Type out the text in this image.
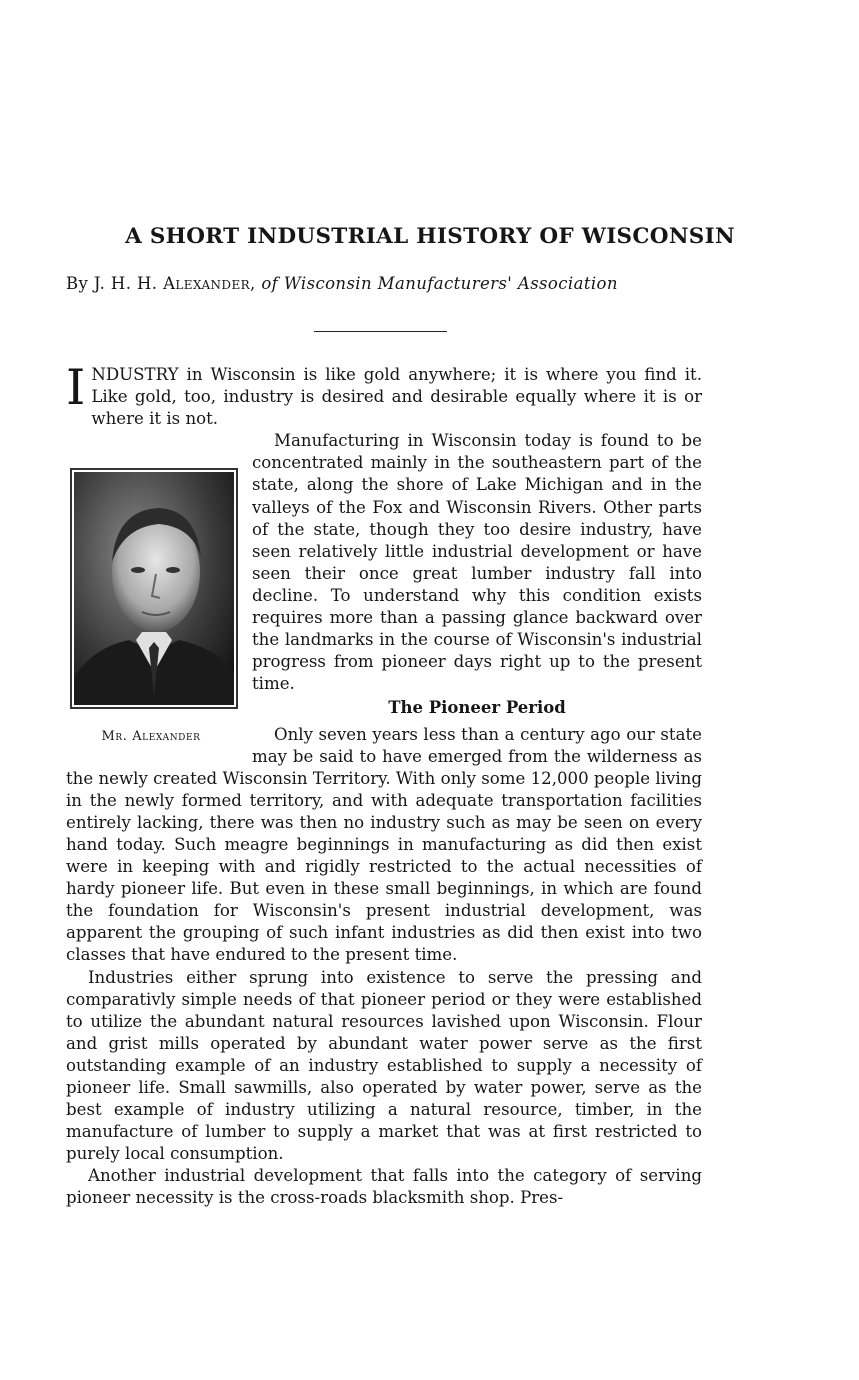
A SHORT INDUSTRIAL HISTORY OF WISCONSIN

By J. H. H. Alexander, of Wisconsin Manufacturers' Association

INDUSTRY in Wisconsin is like gold anywhere; it is where you find it. Like gold, too, industry is desired and desirable equally where it is or where it is not.

Mr. Alexander

Manufacturing in Wisconsin today is found to be concentrated mainly in the southeastern part of the state, along the shore of Lake Michigan and in the valleys of the Fox and Wisconsin Rivers. Other parts of the state, though they too desire industry, have seen relatively little industrial development or have seen their once great lumber industry fall into decline. To understand why this condition exists requires more than a passing glance backward over the landmarks in the course of Wisconsin's industrial progress from pioneer days right up to the present time.

The Pioneer Period

Only seven years less than a century ago our state may be said to have emerged from the wilderness as the newly created Wisconsin Territory. With only some 12,000 people living in the newly formed territory, and with adequate transportation facilities entirely lacking, there was then no industry such as may be seen on every hand today. Such meagre beginnings in manufacturing as did then exist were in keeping with and rigidly restricted to the actual necessities of hardy pioneer life. But even in these small beginnings, in which are found the foundation for Wisconsin's present industrial development, was apparent the grouping of such infant industries as did then exist into two classes that have endured to the present time.

Industries either sprung into existence to serve the pressing and comparativly simple needs of that pioneer period or they were established to utilize the abundant natural resources lavished upon Wisconsin. Flour and grist mills operated by abundant water power serve as the first outstanding example of an industry established to supply a necessity of pioneer life. Small sawmills, also operated by water power, serve as the best example of industry utilizing a natural resource, timber, in the manufacture of lumber to supply a market that was at first restricted to purely local consumption.

Another industrial development that falls into the category of serving pioneer necessity is the cross-roads blacksmith shop. Pres-
